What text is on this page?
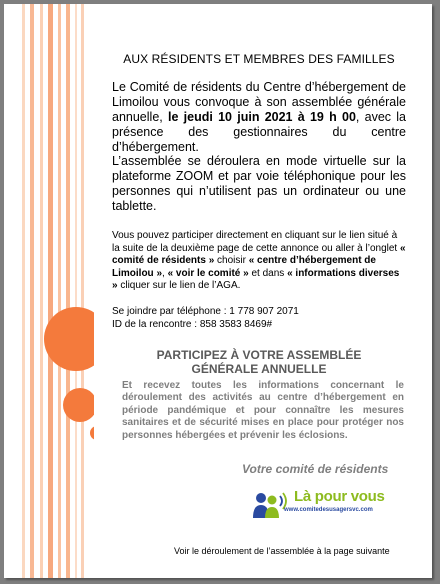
AUX RÉSIDENTS ET MEMBRES DES FAMILLES
Le Comité de résidents du Centre d’hébergement de Limoilou vous convoque à son assemblée générale annuelle, le jeudi 10 juin 2021 à 19 h 00, avec la présence des gestionnaires du centre d’hébergement.
L’assemblée se déroulera en mode virtuelle sur la plateforme ZOOM et par voie téléphonique pour les personnes qui n’utilisent pas un ordinateur ou une tablette.
Vous pouvez participer directement en cliquant sur le lien situé à la suite de la deuxième page de cette annonce ou aller à l’onglet « comité de résidents » choisir « centre d’hébergement de Limoilou », « voir le comité » et dans « informations diverses » cliquer sur le lien de l’AGA.
Se joindre par téléphone : 1 778 907 2071
ID de la rencontre : 858 3583 8469#
PARTICIPEZ À VOTRE ASSEMBLÉE
GÉNÉRALE ANNUELLE
Et recevez toutes les informations concernant le déroulement des activités au centre d’hébergement en période pandémique et pour connaître les mesures sanitaires et de sécurité mises en place pour protéger nos personnes hébergées et prévenir les éclosions.
Votre comité de résidents
Là pour vous
www.comitedesusagersvc.com
Voir le déroulement de l’assemblée à la page suivante
